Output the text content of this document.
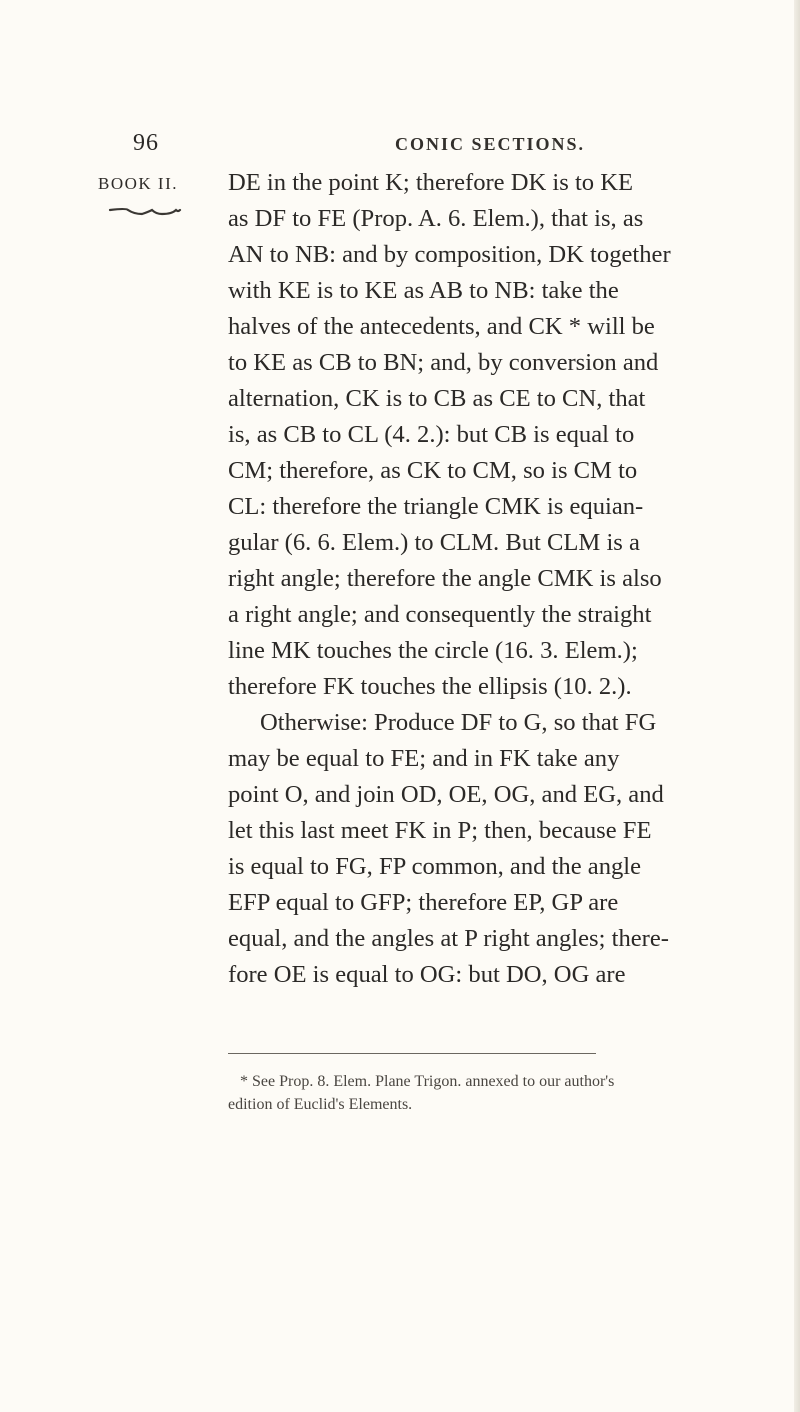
96	CONIC SECTIONS.
BOOK II. DE in the point K; therefore DK is to KE
as DF to FE (Prop. A. 6. Elem.), that is, as
AN to NB: and by composition, DK together
with KE is to KE as AB to NB: take the
halves of the antecedents, and CK * will be
to KE as CB to BN; and, by conversion and
alternation, CK is to CB as CE to CN, that
is, as CB to CL (4. 2.): but CB is equal to
CM; therefore, as CK to CM, so is CM to
CL: therefore the triangle CMK is equian-
gular (6. 6. Elem.) to CLM. But CLM is a
right angle; therefore the angle CMK is also
a right angle; and consequently the straight
line MK touches the circle (16. 3. Elem.);
therefore FK touches the ellipsis (10. 2.).
Otherwise: Produce DF to G, so that FG
may be equal to FE; and in FK take any
point O, and join OD, OE, OG, and EG, and
let this last meet FK in P; then, because FE
is equal to FG, FP common, and the angle
EFP equal to GFP; therefore EP, GP are
equal, and the angles at P right angles; there-
fore OE is equal to OG: but DO, OG are
* See Prop. 8. Elem. Plane Trigon. annexed to our author's
edition of Euclid's Elements.
